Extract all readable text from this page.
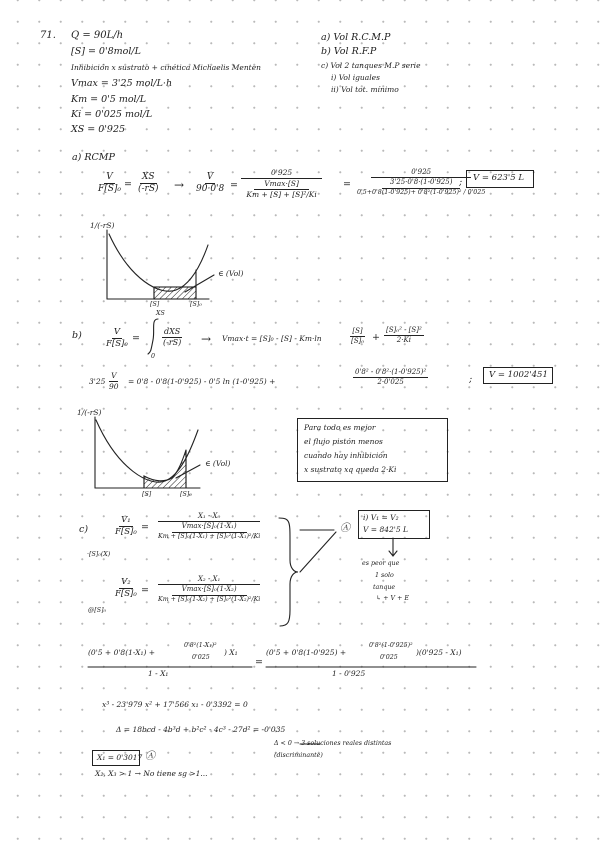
71. Q = 90L/h
[S] = 0'8mol/L
Inhibición x sustrato + cinética Michaelis Menten
Vmax = 3'25 mol/L·h
Km = 0'5 mol/L
Ki = 0'025 mol/L
XS = 0'925
a) Vol R.C.M.P
b) Vol R.F.P
c) Vol 2 tanques M.P serie
i) Vol iguales
ii) Vol tot. mínimo
a) RCMP
$\frac{V}{\text{F[S]₀}} = \frac{XS}{(-rS)} \to \frac{V}{90\cdot 0'8}$ =
0'925
Vmax·[S]
Km + [S] + [S]²/Ki
=
0'925
3'25·0'8·(1-0'925)
0'5+0'8(1-0'925)+ 0'8²(1-0'925)² / 0'025
; V = 623'5 L
1/(-rS)
[S]	[S]₀
∈ (Vol)
b)	$\frac{V}{\text{F[S]₀}}$ =
XS
0
dXS
(-rS) → Vmax·t = [S]₀ - [S] - Km·ln	$\frac{[S]}{\text{[S]₀}} + \frac{\text{[S]₀² - [S]²}}{2\cdot Ki}$
$3'25 \frac{V}{90} = 0'8 - 0'8(1-0'925) - 0'5$ ln (1-0'925) +	$\frac{\text{0'8² - 0'8²·(1-0'925)²}}{2\cdot 0'025}$	; V = 1002'451
1/(-rS)
[S]	[S]₀
∈ (Vol)
Para todo es mejor
el flujo pistón menos
cuando hay inhibición
x sustrato xq queda 2·Ki
c)	$\frac{\text{V₁}}{\text{F[S]₀}}$ =
X₁ - X₀
Vmax·[S]₀(1-X₁)
Km + [S]₀(1-X₁) + [S]₀²(1-X₁)²/Ki
·[S]₀(X)
$\frac{\text{V₂}}{\text{F[S]₀}}$ =
X₂ - X₁
Vmax·[S]₀(1-X₂)
Km + [S]₀(1-X₂) + [S]₀²(1-X₂)²/Ki
@[S]₀
Ⓐ
i) V₁ = V₂
V = 842'5 L
es peor que
1 solo
tanque
↳ + V + E
(0'5 + 0'8(1-X₁) +
0'8²(1-X₁)²
0'025
) X₁
1 - X₁
=
(0'5 + 0'8(1-0'925) +
0'8²(1-0'925)²
0'025
)(0'925 - X₁)
1 - 0'925
x³ - 23'979 x² + 17'566 x₁ - 0'3392 = 0
Δ = 18bcd - 4b³d + b²c² - 4c³ - 27d² = -0'035
Δ < 0 → 3 soluciones reales distintas
(discriminante)
X₁ = 0'3017 Ⓐ
X₂, X₃ > 1 → No tiene sg >1...
